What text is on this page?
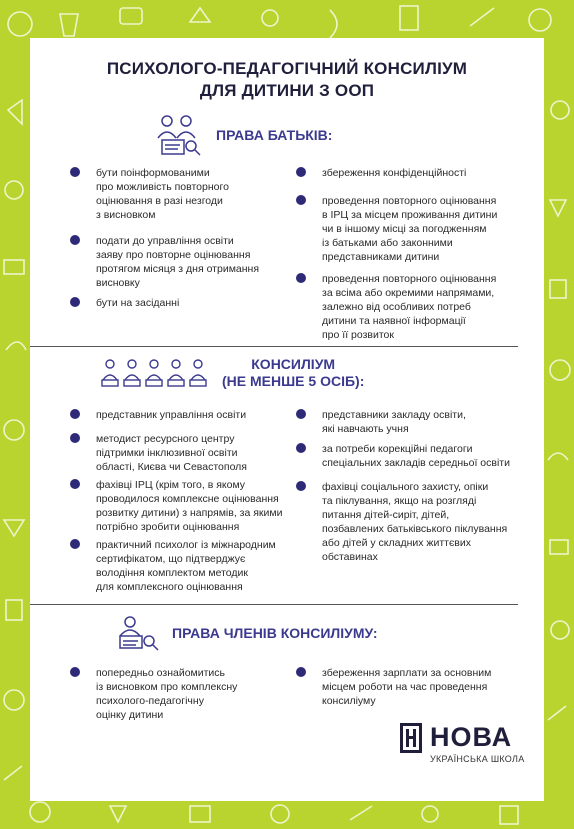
ПСИХОЛОГО-ПЕДАГОГІЧНИЙ КОНСИЛІУМ
ДЛЯ ДИТИНИ З ООП
ПРАВА БАТЬКІВ:
бути поінформованими
про можливість повторного
оцінювання в разі незгоди
з висновком
подати до управління освіти
заяву про повторне оцінювання
протягом місяця з дня отримання
висновку
бути на засіданні
збереження конфіденційності
проведення повторного оцінювання
в ІРЦ за місцем проживання дитини
чи в іншому місці за погодженням
із батьками або законними
представниками дитини
проведення повторного оцінювання
за всіма або окремими напрямами,
залежно від особливих потреб
дитини та наявної інформації
про її розвиток
КОНСИЛІУМ
(НЕ МЕНШЕ 5 ОСІБ):
представник управління освіти
методист ресурсного центру
підтримки інклюзивної освіти
області, Києва чи Севастополя
фахівці ІРЦ (крім того, в якому
проводилося комплексне оцінювання
розвитку дитини) з напрямів, за якими
потрібно зробити оцінювання
практичний психолог із міжнародним
сертифікатом, що підтверджує
володіння комплектом методик
для комплексного оцінювання
представники закладу освіти,
які навчають учня
за потреби корекційні педагоги
спеціальних закладів середньої освіти
фахівці соціального захисту, опіки
та піклування, якщо на розгляді
питання дітей-сиріт, дітей,
позбавлених батьківського піклування
або дітей у складних життєвих
обставинах
ПРАВА ЧЛЕНІВ КОНСИЛІУМУ:
попередньо ознайомитись
із висновком про комплексну
психолого-педагогічну
оцінку дитини
збереження зарплати за основним
місцем роботи на час проведення
консиліуму
НОВА
УКРАЇНСЬКА ШКОЛА
